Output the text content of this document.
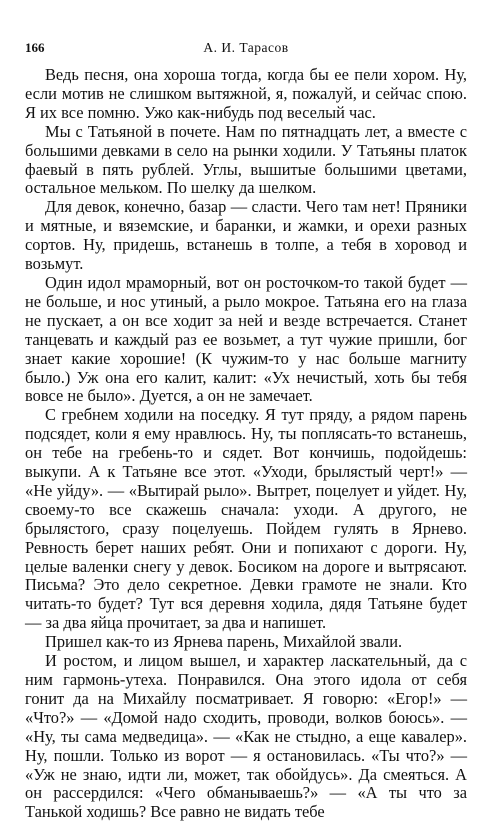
166	А. И. Тарасов

Ведь песня, она хороша тогда, когда бы ее пели хором. Ну, если мотив не слишком вытяжной, я, пожалуй, и сейчас спою. Я их все помню. Ужо как-нибудь под веселый час.

Мы с Татьяной в почете. Нам по пятнадцать лет, а вместе с большими девками в село на рынки ходили. У Татьяны платок фаевый в пять рублей. Углы, вышитые большими цветами, остальное мельком. По шелку да шелком.

Для девок, конечно, базар — сласти. Чего там нет! Пряники и мятные, и вяземские, и баранки, и жамки, и орехи разных сортов. Ну, придешь, встанешь в толпе, а тебя в хоровод и возьмут.

Один идол мраморный, вот он росточком-то такой будет — не больше, и нос утиный, а рыло мокрое. Татьяна его на глаза не пускает, а он все ходит за ней и везде встречается. Станет танцевать и каждый раз ее возьмет, а тут чужие пришли, бог знает какие хорошие! (К чужим-то у нас больше магниту было.) Уж она его калит, калит: «Ух нечистый, хоть бы тебя вовсе не было». Дуется, а он не замечает.

С гребнем ходили на поседку. Я тут пряду, а рядом парень подсядет, коли я ему нравлюсь. Ну, ты поплясать-то встанешь, он тебе на гребень-то и сядет. Вот кончишь, подойдешь: выкупи. А к Татьяне все этот. «Уходи, брылястый черт!» — «Не уйду». — «Вытирай рыло». Вытрет, поцелует и уйдет. Ну, своему-то все скажешь сначала: уходи. А другого, не брылястого, сразу поцелуешь. Пойдем гулять в Ярнево. Ревность берет наших ребят. Они и попихают с дороги. Ну, целые валенки снегу у девок. Босиком на дороге и вытрясают. Письма? Это дело секретное. Девки грамоте не знали. Кто читать-то будет? Тут вся деревня ходила, дядя Татьяне будет — за два яйца прочитает, за два и напишет.

Пришел как-то из Ярнева парень, Михайлой звали.

И ростом, и лицом вышел, и характер ласкательный, да с ним гармонь-утеха. Понравился. Она этого идола от себя гонит да на Михайлу посматривает. Я говорю: «Егор!» — «Что?» — «Домой надо сходить, проводи, волков боюсь». — «Ну, ты сама медведица». — «Как не стыдно, а еще кавалер». Ну, пошли. Только из ворот — я остановилась. «Ты что?» — «Уж не знаю, идти ли, может, так обойдусь». Да смеяться. А он рассердился: «Чего обманываешь?» — «А ты что за Танькой ходишь? Все равно не видать тебе
